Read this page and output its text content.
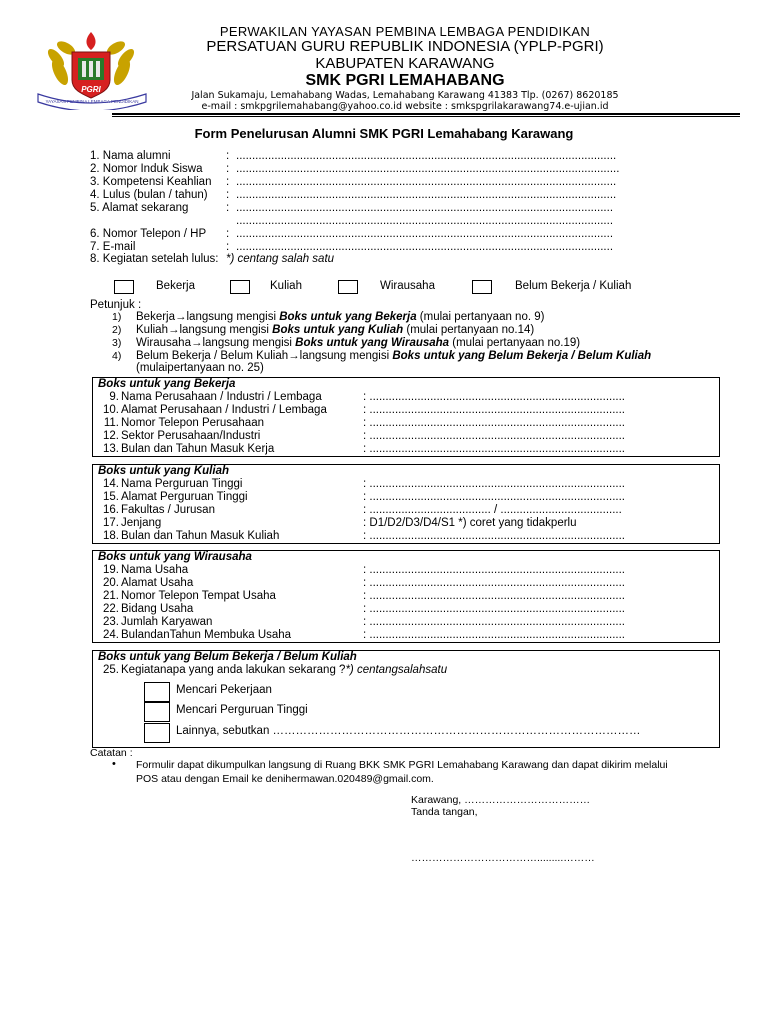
PGRI
YAYASAN PEMBINA LEMBAGA PENDIDIKAN
PERWAKILAN YAYASAN PEMBINA LEMBAGA PENDIDIKAN
PERSATUAN GURU REPUBLIK INDONESIA (YPLP-PGRI)
KABUPATEN KARAWANG
SMK PGRI LEMAHABANG
Jalan Sukamaju, Lemahabang Wadas, Lemahabang Karawang 41383 Tlp. (0267) 8620185
e-mail : smkpgrilemahabang@yahoo.co.id website : smkspgrilakarawang74.e-ujian.id
Form Penelurusan Alumni SMK PGRI Lemahabang Karawang
1. Nama alumni	: .......................................................................................................................
2. Nomor Induk Siswa : ........................................................................................................................
3. Kompetensi Keahlian : .......................................................................................................................
4. Lulus (bulan / tahun) : .......................................................................................................................
5. Alamat sekarang	: ......................................................................................................................
......................................................................................................................
6. Nomor Telepon / HP : ......................................................................................................................
7. E-mail	: ......................................................................................................................
8. Kegiatan setelah lulus: *) centang salah satu
Bekerja	Kuliah	Wirausaha	Belum Bekerja / Kuliah
Petunjuk :
1) Bekerja→langsung mengisi Boks untuk yang Bekerja (mulai pertanyaan no. 9)
2) Kuliah→langsung mengisi Boks untuk yang Kuliah (mulai pertanyaan no.14)
3) Wirausaha→langsung mengisi Boks untuk yang Wirausaha (mulai pertanyaan no.19)
4) Belum Bekerja / Belum Kuliah→langsung mengisi Boks untuk yang Belum Bekerja / Belum Kuliah
(mulaipertanyaan no. 25)
Boks untuk yang Bekerja
9. Nama Perusahaan / Industri / Lembaga	: ................................................................................
10. Alamat Perusahaan / Industri / Lembaga	: ................................................................................
11. Nomor Telepon Perusahaan	: ................................................................................
12. Sektor Perusahaan/Industri	: ................................................................................
13. Bulan dan Tahun Masuk Kerja	: ................................................................................
Boks untuk yang Kuliah
14. Nama Perguruan Tinggi	: ................................................................................
15. Alamat Perguruan Tinggi	: ................................................................................
16. Fakultas / Jurusan	: ...................................... / ......................................
17. Jenjang	: D1/D2/D3/D4/S1 *) coret yang tidakperlu
18. Bulan dan Tahun Masuk Kuliah	: ................................................................................
Boks untuk yang Wirausaha
19. Nama Usaha	: ................................................................................
20. Alamat Usaha	: ................................................................................
21. Nomor Telepon Tempat Usaha	: ................................................................................
22. Bidang Usaha	: ................................................................................
23. Jumlah Karyawan	: ................................................................................
24. BulandanTahun Membuka Usaha	: ................................................................................
Boks untuk yang Belum Bekerja / Belum Kuliah
25. Kegiatanapa yang anda lakukan sekarang ?*) centangsalahsatu
Mencari Pekerjaan
Mencari Perguruan Tinggi
Lainnya, sebutkan ……………………………………………………………………………………
Catatan :
• Formulir dapat dikumpulkan langsung di Ruang BKK SMK PGRI Lemahabang Karawang dan dapat dikirim melalui
POS atau dengan Email ke denihermawan.020489@gmail.com.
Karawang, ………………………………
Tanda tangan,
……………………………….........………
